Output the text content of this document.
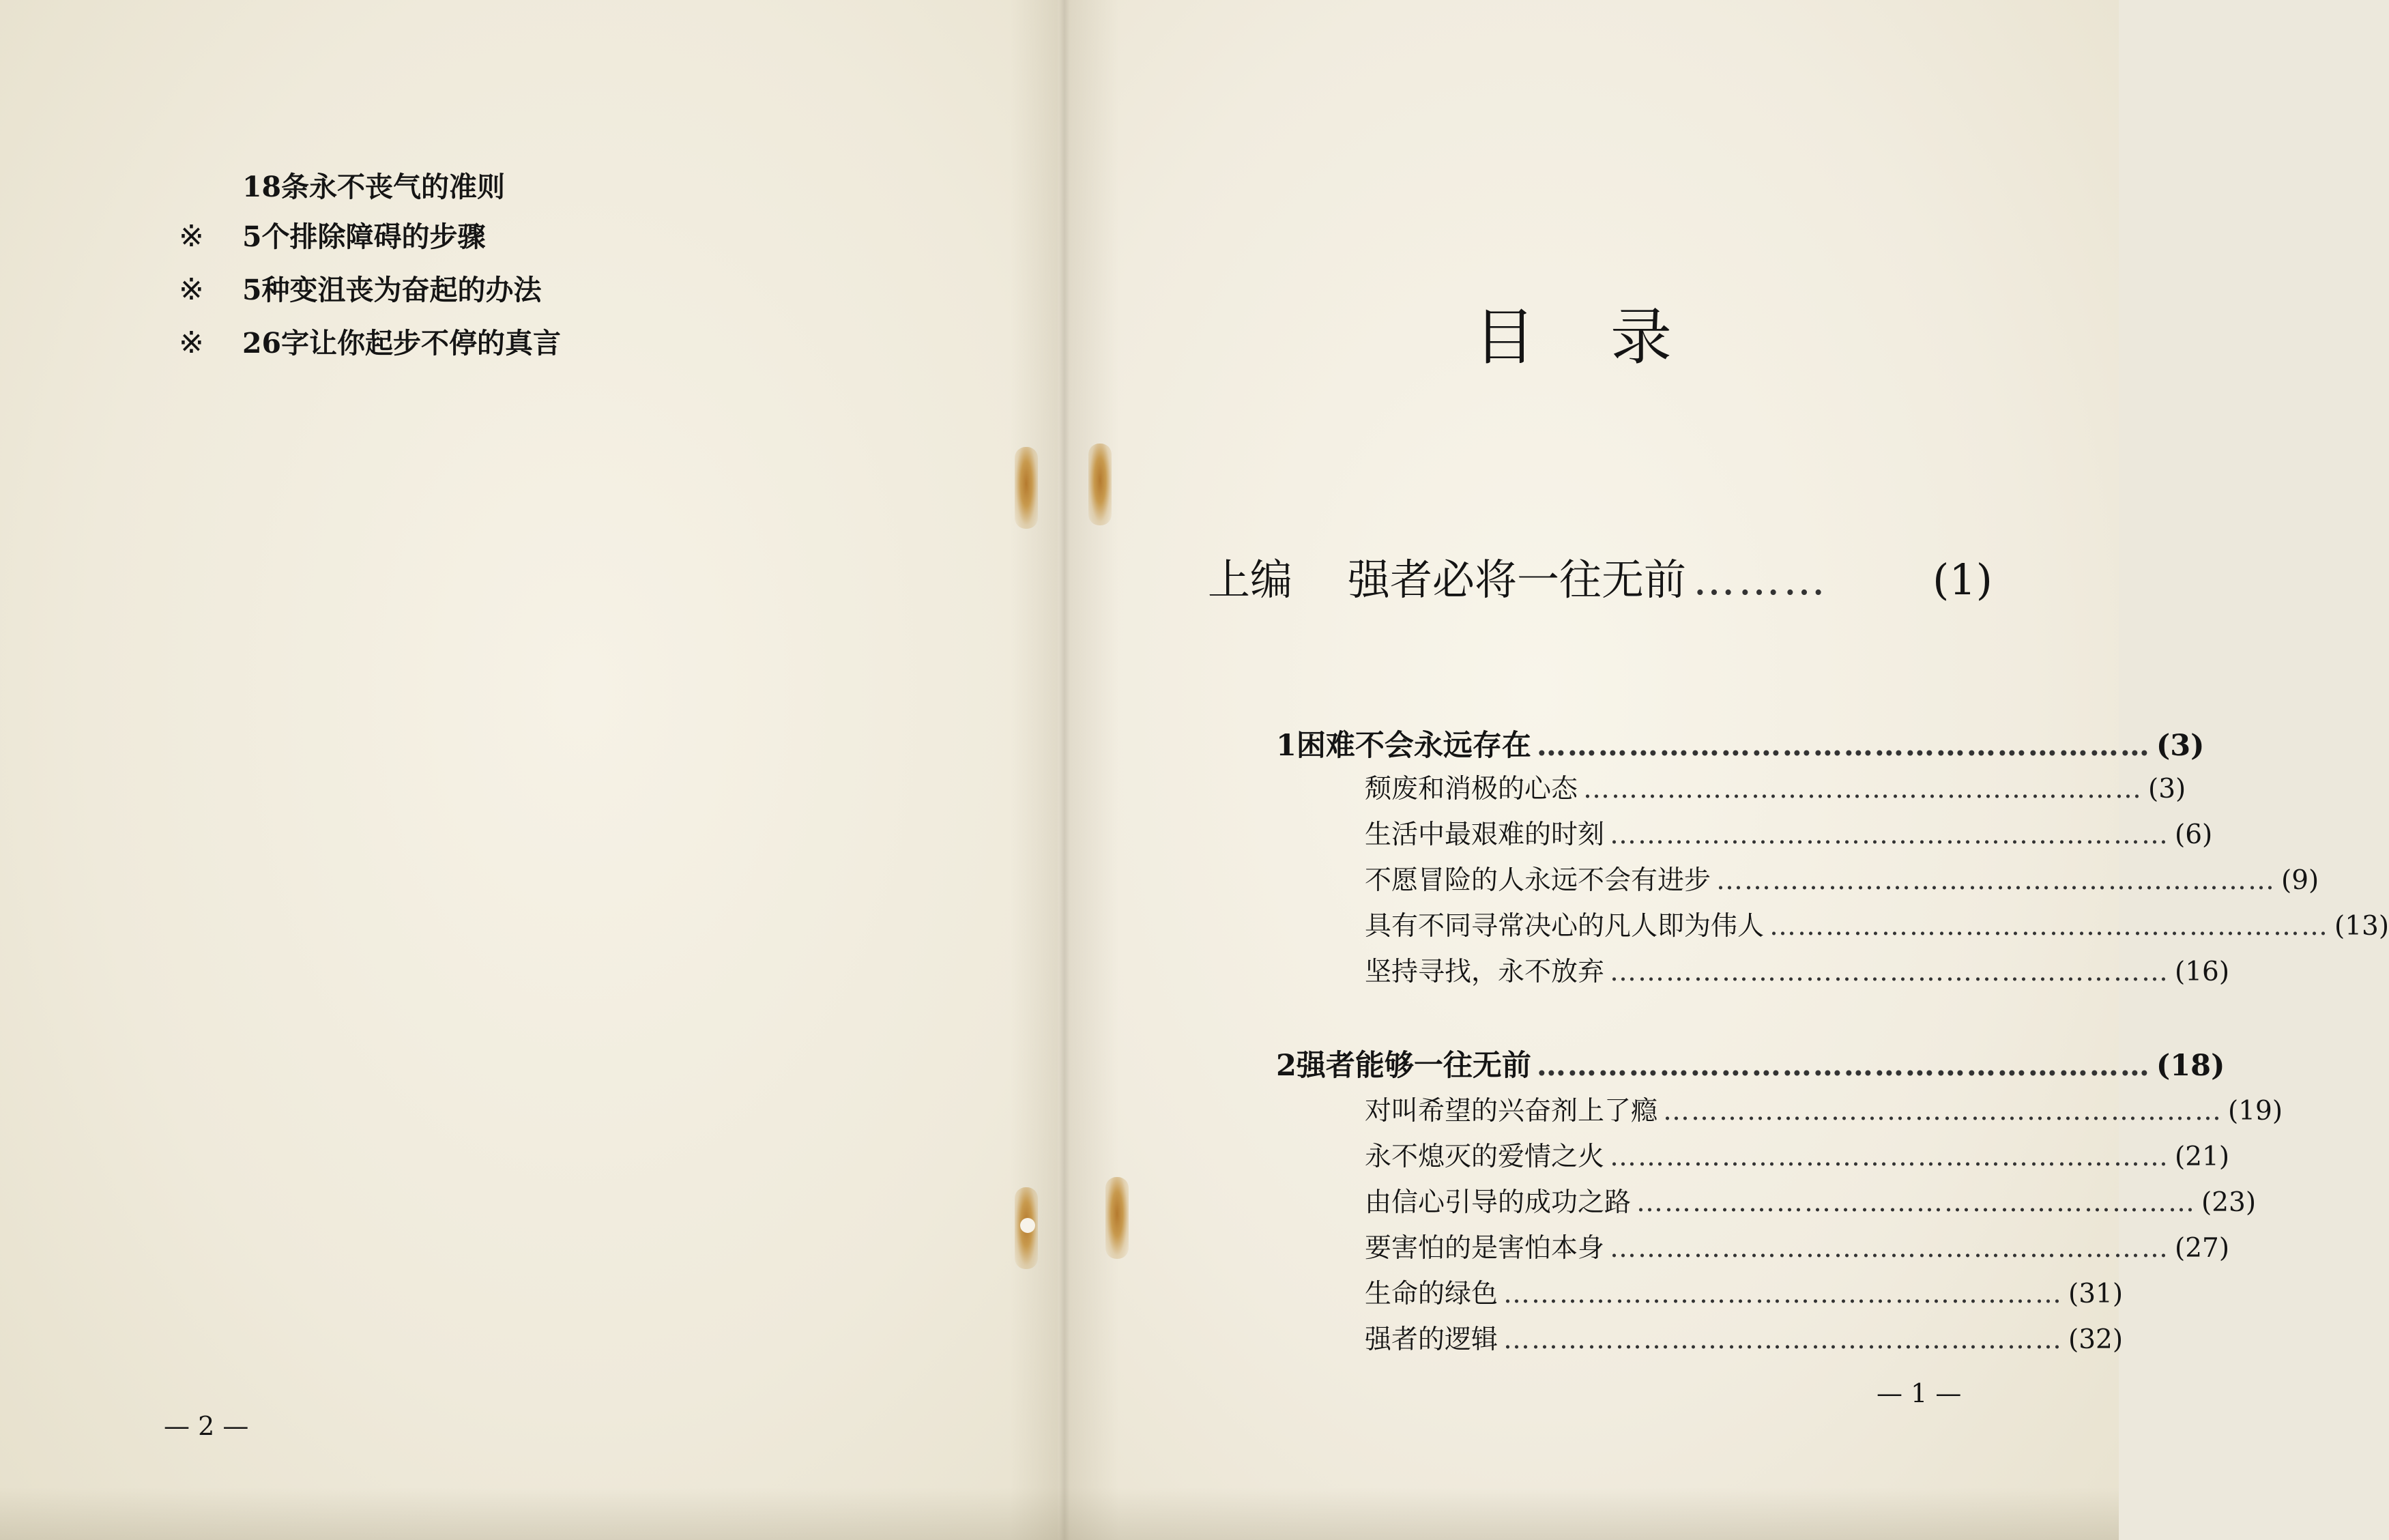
18条永不丧气的准则
※	5个排除障碍的步骤
※	5种变沮丧为奋起的办法
※	26字让你起步不停的真言
— 2 —
目录
上编	强者必将一往无前 ………	(1)
1 困难不会永远存在 …………………………………………………… (3)
颓废和消极的心态 …………………………………………………… (3)
生活中最艰难的时刻 …………………………………………………… (6)
不愿冒险的人永远不会有进步 …………………………………………………… (9)
具有不同寻常决心的凡人即为伟人 …………………………………………………… (13)
坚持寻找，永不放弃 …………………………………………………… (16)
2 强者能够一往无前 …………………………………………………… (18)
对叫希望的兴奋剂上了瘾 …………………………………………………… (19)
永不熄灭的爱情之火 …………………………………………………… (21)
由信心引导的成功之路 …………………………………………………… (23)
要害怕的是害怕本身 …………………………………………………… (27)
生命的绿色 …………………………………………………… (31)
强者的逻辑 …………………………………………………… (32)
— 1 —
